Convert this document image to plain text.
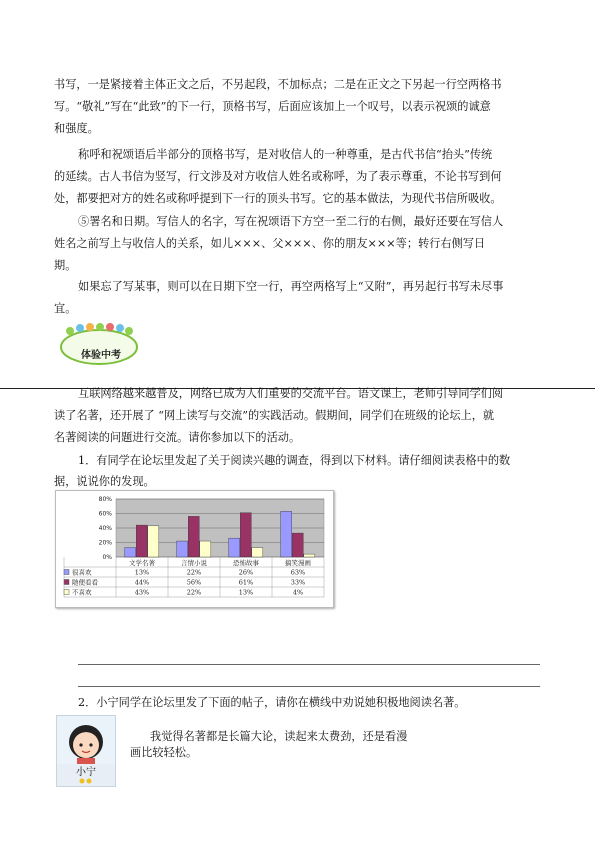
书写，一是紧接着主体正文之后，不另起段，不加标点；二是在正文之下另起一行空两格书
写。“敬礼”写在“此致”的下一行，顶格书写，后面应该加上一个叹号，以表示祝颂的诚意
和强度。
称呼和祝颂语后半部分的顶格书写，是对收信人的一种尊重，是古代书信“抬头”传统
的延续。古人书信为竖写，行文涉及对方收信人姓名或称呼，为了表示尊重，不论书写到何
处，都要把对方的姓名或称呼提到下一行的顶头书写。它的基本做法，为现代书信所吸收。
⑤署名和日期。写信人的名字，写在祝颂语下方空一至二行的右侧，最好还要在写信人
姓名之前写上与收信人的关系，如儿×××、父×××、你的朋友×××等；转行右侧写日
期。
如果忘了写某事，则可以在日期下空一行，再空两格写上“又附”，再另起行书写未尽事
宜。
体验中考
互联网络越来越普及，网络已成为人们重要的交流平台。语文课上，老师引导同学们阅
读了名著，还开展了 “网上读写与交流”的实践活动。假期间，同学们在班级的论坛上，就
名著阅读的问题进行交流。请你参加以下的活动。
1．有同学在论坛里发起了关于阅读兴趣的调查，得到以下材料。请仔细阅读表格中的数
据，说说你的发现。
0%
20%
40%
60%
80%
文学名著	言情小说	恐怖故事	搞笑漫画
很喜欢	13%	22%	26%	63%
随便看看	44%	56%	61%	33%
不喜欢	43%	22%	13%	4%
2．小宁同学在论坛里发了下面的帖子，请你在横线中劝说她积极地阅读名著。
小宁
我觉得名著都是长篇大论，读起来太费劲，还是看漫
画比较轻松。
